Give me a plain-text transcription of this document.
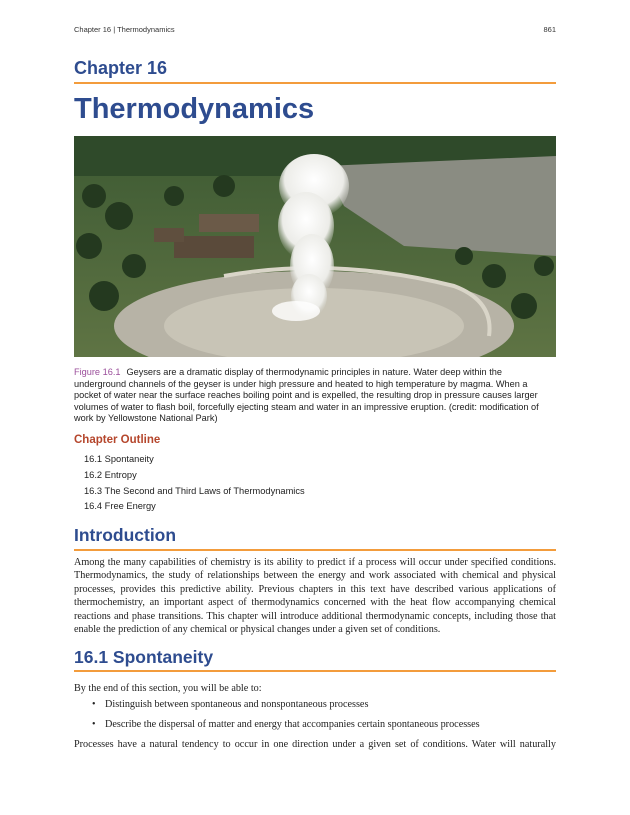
Chapter 16 | Thermodynamics	861
Chapter 16
Thermodynamics
Figure 16.1 Geysers are a dramatic display of thermodynamic principles in nature. Water deep within the underground channels of the geyser is under high pressure and heated to high temperature by magma. When a pocket of water near the surface reaches boiling point and is expelled, the resulting drop in pressure causes larger volumes of water to flash boil, forcefully ejecting steam and water in an impressive eruption. (credit: modification of work by Yellowstone National Park)
Chapter Outline
16.1 Spontaneity
16.2 Entropy
16.3 The Second and Third Laws of Thermodynamics
16.4 Free Energy
Introduction
Among the many capabilities of chemistry is its ability to predict if a process will occur under specified conditions. Thermodynamics, the study of relationships between the energy and work associated with chemical and physical processes, provides this predictive ability. Previous chapters in this text have described various applications of thermochemistry, an important aspect of thermodynamics concerned with the heat flow accompanying chemical reactions and phase transitions. This chapter will introduce additional thermodynamic concepts, including those that enable the prediction of any chemical or physical changes under a given set of conditions.
16.1 Spontaneity
By the end of this section, you will be able to:
• Distinguish between spontaneous and nonspontaneous processes
• Describe the dispersal of matter and energy that accompanies certain spontaneous processes
Processes have a natural tendency to occur in one direction under a given set of conditions. Water will naturally
